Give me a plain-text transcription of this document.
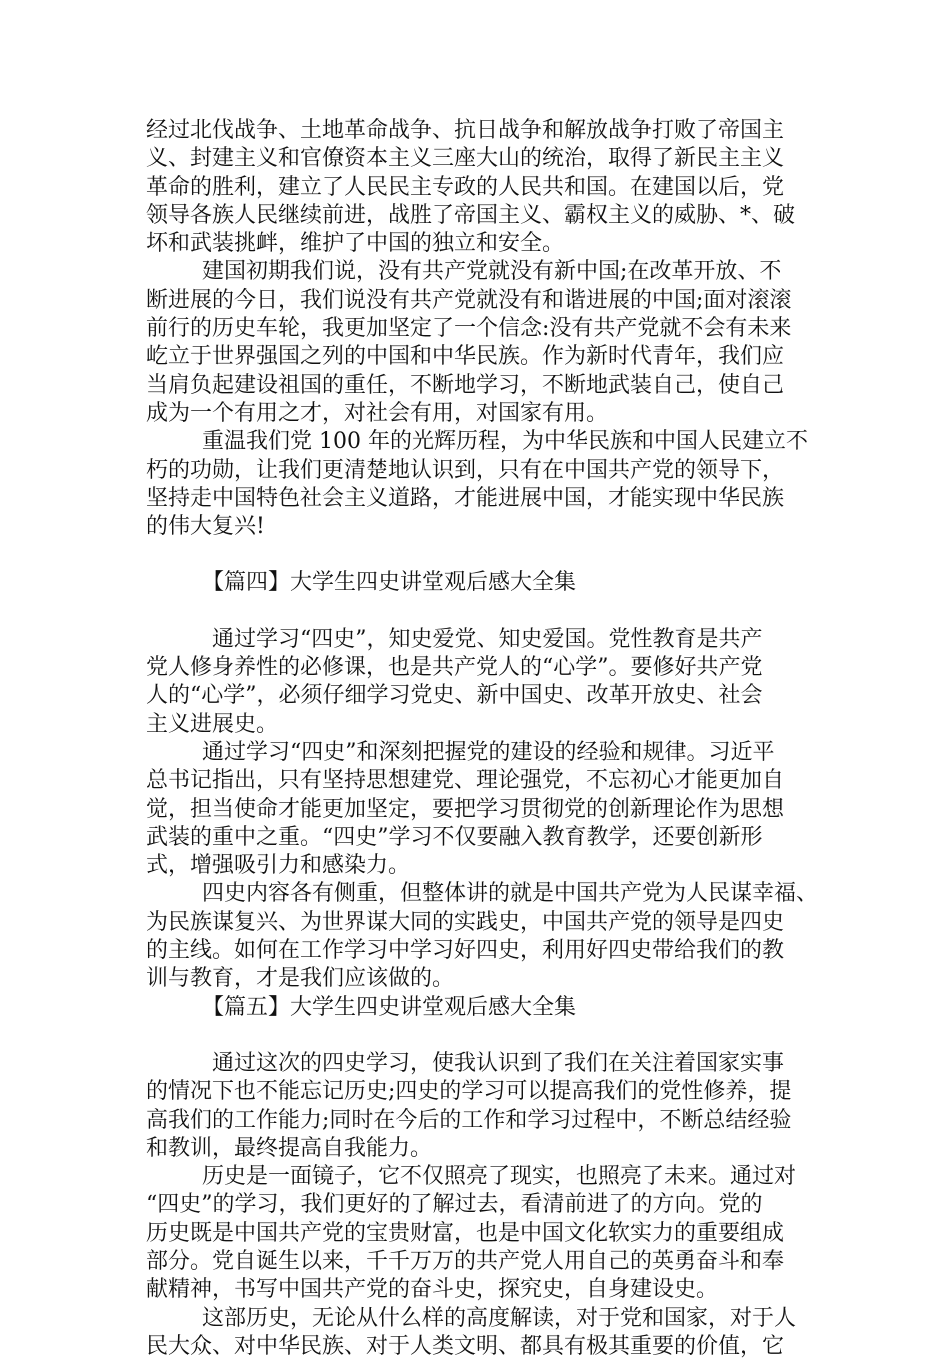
经过北伐战争、土地革命战争、抗日战争和解放战争打败了帝国主
义、封建主义和官僚资本主义三座大山的统治，取得了新民主主义
革命的胜利，建立了人民民主专政的人民共和国。在建国以后，党
领导各族人民继续前进，战胜了帝国主义、霸权主义的威胁、*、破
坏和武装挑衅，维护了中国的独立和安全。
建国初期我们说，没有共产党就没有新中国;在改革开放、不
断进展的今日，我们说没有共产党就没有和谐进展的中国;面对滚滚
前行的历史车轮，我更加坚定了一个信念:没有共产党就不会有未来
屹立于世界强国之列的中国和中华民族。作为新时代青年，我们应
当肩负起建设祖国的重任，不断地学习，不断地武装自己，使自己
成为一个有用之才，对社会有用，对国家有用。
重温我们党 100 年的光辉历程，为中华民族和中国人民建立不
朽的功勋，让我们更清楚地认识到，只有在中国共产党的领导下，
坚持走中国特色社会主义道路，才能进展中国，才能实现中华民族
的伟大复兴!
【篇四】大学生四史讲堂观后感大全集
通过学习“四史”，知史爱党、知史爱国。党性教育是共产
党人修身养性的必修课，也是共产党人的“心学”。要修好共产党
人的“心学”，必须仔细学习党史、新中国史、改革开放史、社会
主义进展史。
通过学习“四史”和深刻把握党的建设的经验和规律。习近平
总书记指出，只有坚持思想建党、理论强党，不忘初心才能更加自
觉，担当使命才能更加坚定，要把学习贯彻党的创新理论作为思想
武装的重中之重。“四史”学习不仅要融入教育教学，还要创新形
式，增强吸引力和感染力。
四史内容各有侧重，但整体讲的就是中国共产党为人民谋幸福、
为民族谋复兴、为世界谋大同的实践史，中国共产党的领导是四史
的主线。如何在工作学习中学习好四史，利用好四史带给我们的教
训与教育，才是我们应该做的。
【篇五】大学生四史讲堂观后感大全集
通过这次的四史学习，使我认识到了我们在关注着国家实事
的情况下也不能忘记历史;四史的学习可以提高我们的党性修养，提
高我们的工作能力;同时在今后的工作和学习过程中，不断总结经验
和教训，最终提高自我能力。
历史是一面镜子，它不仅照亮了现实，也照亮了未来。通过对
“四史”的学习，我们更好的了解过去，看清前进了的方向。党的
历史既是中国共产党的宝贵财富，也是中国文化软实力的重要组成
部分。党自诞生以来，千千万万的共产党人用自己的英勇奋斗和奉
献精神，书写中国共产党的奋斗史，探究史，自身建设史。
这部历史，无论从什么样的高度解读，对于党和国家，对于人
民大众、对中华民族、对于人类文明、都具有极其重要的价值，它
